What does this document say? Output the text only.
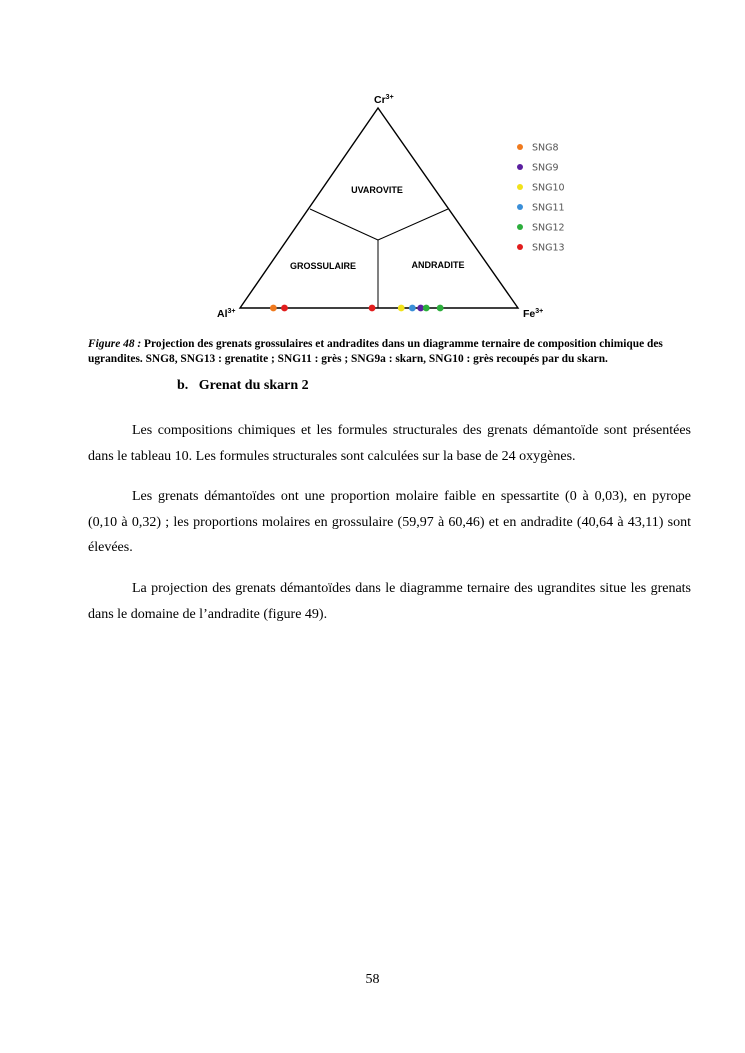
$Cr^{3+}$
$Al^{3+}$	$Fe^{3+}$
UVAROVITE
GROSSULAIRE	ANDRADITE
SNG8
SNG9
SNG10
SNG11
SNG12
SNG13

Figure 48 : Projection des grenats grossulaires et andradites dans un diagramme ternaire de composition chimique des ugrandites. SNG8, SNG13 : grenatite ; SNG11 : grès ; SNG9a : skarn, SNG10 : grès recoupés par du skarn.

b.   Grenat du skarn 2

Les compositions chimiques et les formules structurales des grenats démantoïde sont présentées dans le tableau 10. Les formules structurales sont calculées sur la base de 24 oxygènes.

Les grenats démantoïdes ont une proportion molaire faible en spessartite (0 à 0,03), en pyrope (0,10 à 0,32) ; les proportions molaires en grossulaire (59,97 à 60,46) et en andradite (40,64 à 43,11) sont élevées.

La projection des grenats démantoïdes dans le diagramme ternaire des ugrandites situe les grenats dans le domaine de l’andradite (figure 49).

58
